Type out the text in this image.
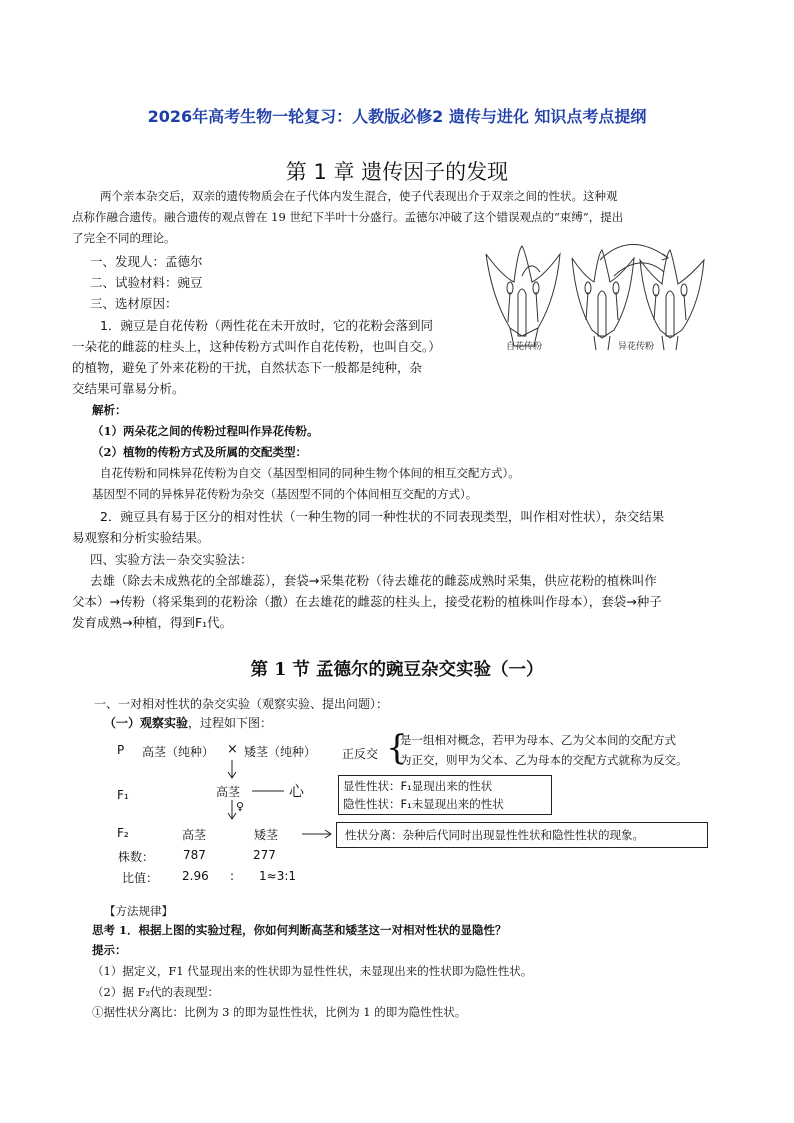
2026年高考生物一轮复习：人教版必修2 遗传与进化 知识点考点提纲
第 1 章 遗传因子的发现
两个亲本杂交后，双亲的遗传物质会在子代体内发生混合，使子代表现出介于双亲之间的性状。这种观
点称作融合遗传。融合遗传的观点曾在 19 世纪下半叶十分盛行。孟德尔冲破了这个错误观点的“束缚”，提出
了完全不同的理论。
一、发现人：孟德尔
二、试验材料：豌豆
三、选材原因：
1．豌豆是自花传粉（两性花在未开放时，它的花粉会落到同
一朵花的雌蕊的柱头上，这种传粉方式叫作自花传粉，也叫自交。）
的植物，避免了外来花粉的干扰，自然状态下一般都是纯种，杂
交结果可靠易分析。
自花传粉	异花传粉
解析：
（1）两朵花之间的传粉过程叫作异花传粉。
（2）植物的传粉方式及所属的交配类型：
自花传粉和同株异花传粉为自交（基因型相同的同种生物个体间的相互交配方式）。
基因型不同的异株异花传粉为杂交（基因型不同的个体间相互交配的方式）。
2．豌豆具有易于区分的相对性状（一种生物的同一种性状的不同表现类型，叫作相对性状），杂交结果
易观察和分析实验结果。
四、实验方法－杂交实验法：
去雄（除去未成熟花的全部雄蕊），套袋→采集花粉（待去雄花的雌蕊成熟时采集，供应花粉的植株叫作
父本）→传粉（将采集到的花粉涂（撒）在去雄花的雌蕊的柱头上，接受花粉的植株叫作母本），套袋→种子
发育成熟→种植，得到F₁代。
第 1 节 孟德尔的豌豆杂交实验（一）
一、一对相对性状的杂交实验（观察实验、提出问题）：
（一）观察实验，过程如下图：
P 高茎（纯种） × 矮茎（纯种） 正反交 {
是一组相对概念，若甲为母本、乙为父本间的交配方式
为正交，则甲为父本、乙为母本的交配方式就称为反交。
F₁	高茎	心
♀
显性性状：F₁显现出来的性状
隐性性状：F₁未显现出来的性状
F₂	高茎	矮茎	性状分离：杂种后代同时出现显性性状和隐性性状的现象。
株数： 787	277
比值： 2.96 : 1≈3:1
【方法规律】
思考 1．根据上图的实验过程，你如何判断高茎和矮茎这一对相对性状的显隐性？
提示：
（1）据定义，F1 代显现出来的性状即为显性性状，未显现出来的性状即为隐性性状。
（2）据 F₂代的表现型：
①据性状分离比：比例为 3 的即为显性性状，比例为 1 的即为隐性性状。
